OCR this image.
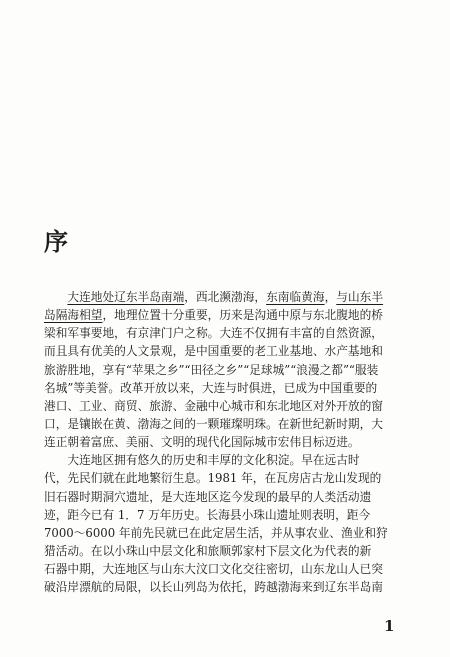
序
　　大连地处辽东半岛南端，西北濒渤海，东南临黄海，与山东半
岛隔海相望，地理位置十分重要，历来是沟通中原与东北腹地的桥
梁和军事要地，有京津门户之称。大连不仅拥有丰富的自然资源，
而且具有优美的人文景观，是中国重要的老工业基地、水产基地和
旅游胜地，享有“苹果之乡”“田径之乡”“足球城”“浪漫之都”“服装
名城”等美誉。改革开放以来，大连与时俱进，已成为中国重要的
港口、工业、商贸、旅游、金融中心城市和东北地区对外开放的窗
口，是镶嵌在黄、渤海之间的一颗璀璨明珠。在新世纪新时期，大
连正朝着富庶、美丽、文明的现代化国际城市宏伟目标迈进。
　　大连地区拥有悠久的历史和丰厚的文化积淀。早在远古时
代，先民们就在此地繁衍生息。1981 年，在瓦房店古龙山发现的
旧石器时期洞穴遗址，是大连地区迄今发现的最早的人类活动遗
迹，距今已有 1．7 万年历史。长海县小珠山遗址则表明，距今
7000～6000 年前先民就已在此定居生活，并从事农业、渔业和狩
猎活动。在以小珠山中层文化和旅顺郭家村下层文化为代表的新
石器中期，大连地区与山东大汶口文化交往密切，山东龙山人已突
破沿岸漂航的局限，以长山列岛为依托，跨越渤海来到辽东半岛南
1
